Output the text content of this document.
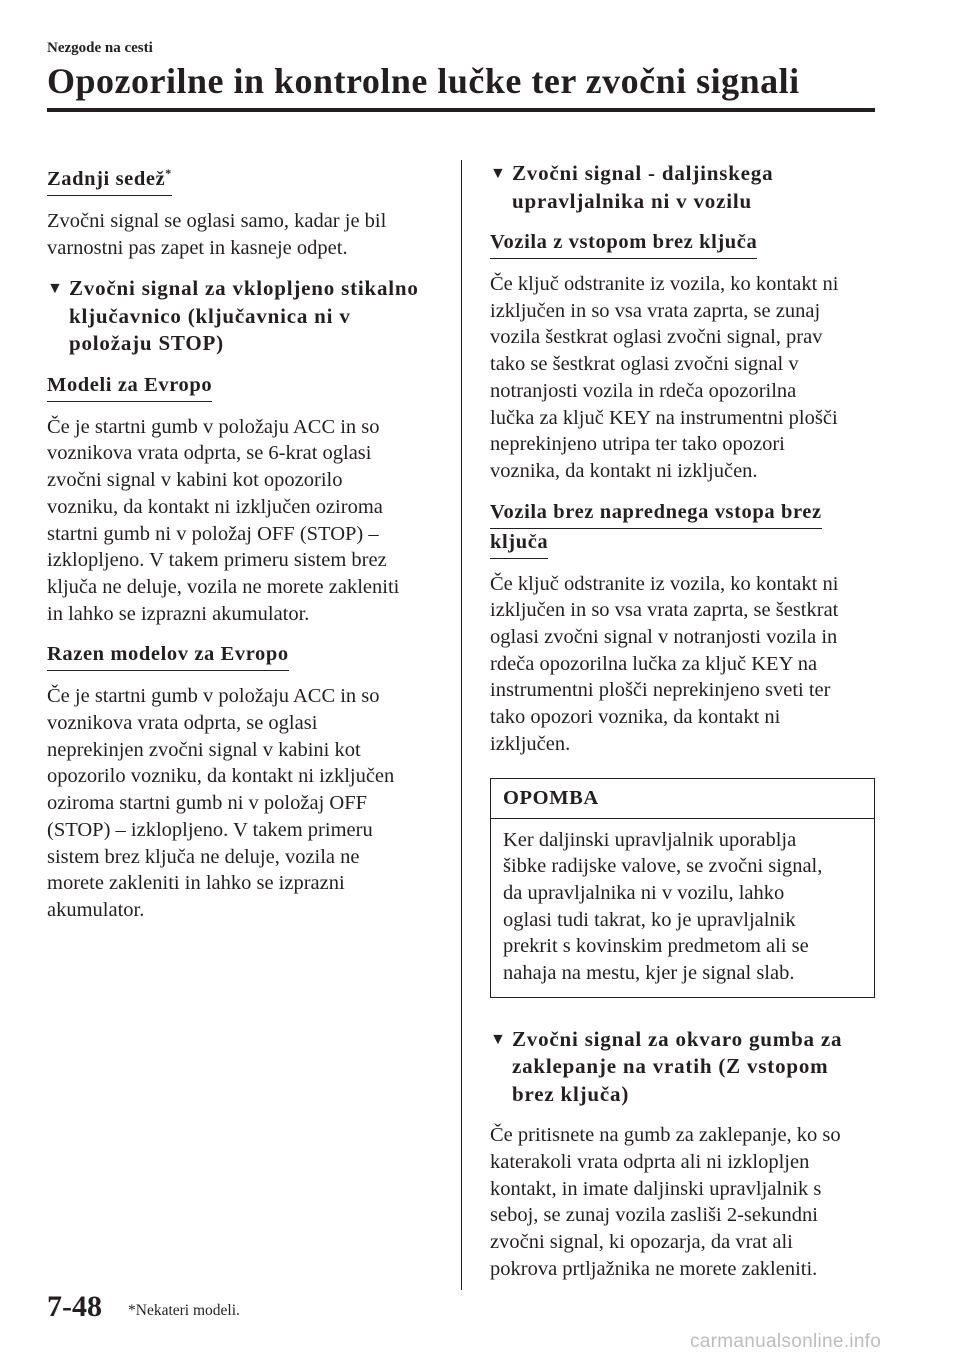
Nezgode na cesti
Opozorilne in kontrolne lučke ter zvočni signali
Zadnji sedež*

Zvočni signal se oglasi samo, kadar je bil varnostni pas zapet in kasneje odpet.

▼ Zvočni signal za vklopljeno stikalno
ključavnico (ključavnica ni v
položaju STOP)
Modeli za Evropo

Če je startni gumb v položaju ACC in so
voznikova vrata odprta, se 6-krat oglasi
zvočni signal v kabini kot opozorilo
vozniku, da kontakt ni izključen oziroma
startni gumb ni v položaj OFF (STOP) –
izklopljeno. V takem primeru sistem brez
ključa ne deluje, vozila ne morete zakleniti
in lahko se izprazni akumulator.

Razen modelov za Evropo

Če je startni gumb v položaju ACC in so
voznikova vrata odprta, se oglasi
neprekinjen zvočni signal v kabini kot
opozorilo vozniku, da kontakt ni izključen
oziroma startni gumb ni v položaj OFF
(STOP) – izklopljeno. V takem primeru
sistem brez ključa ne deluje, vozila ne
morete zakleniti in lahko se izprazni
akumulator.

▼ Zvočni signal - daljinskega
upravljalnika ni v vozilu
Vozila z vstopom brez ključa

Če ključ odstranite iz vozila, ko kontakt ni
izključen in so vsa vrata zaprta, se zunaj
vozila šestkrat oglasi zvočni signal, prav
tako se šestkrat oglasi zvočni signal v
notranjosti vozila in rdeča opozorilna
lučka za ključ KEY na instrumentni plošči
neprekinjeno utripa ter tako opozori
voznika, da kontakt ni izključen.

Vozila brez naprednega vstopa brez
ključa

Če ključ odstranite iz vozila, ko kontakt ni
izključen in so vsa vrata zaprta, se šestkrat
oglasi zvočni signal v notranjosti vozila in
rdeča opozorilna lučka za ključ KEY na
instrumentni plošči neprekinjeno sveti ter
tako opozori voznika, da kontakt ni
izključen.

OPOMBA
Ker daljinski upravljalnik uporablja
šibke radijske valove, se zvočni signal,
da upravljalnika ni v vozilu, lahko
oglasi tudi takrat, ko je upravljalnik
prekrit s kovinskim predmetom ali se
nahaja na mestu, kjer je signal slab.
▼ Zvočni signal za okvaro gumba za
zaklepanje na vratih (Z vstopom
brez ključa)

Če pritisnete na gumb za zaklepanje, ko so
katerakoli vrata odprta ali ni izklopljen
kontakt, in imate daljinski upravljalnik s
seboj, se zunaj vozila zasliši 2-sekundni
zvočni signal, ki opozarja, da vrat ali
pokrova prtljažnika ne morete zakleniti.

7-48 *Nekateri modeli.
carmanualsonline.info
